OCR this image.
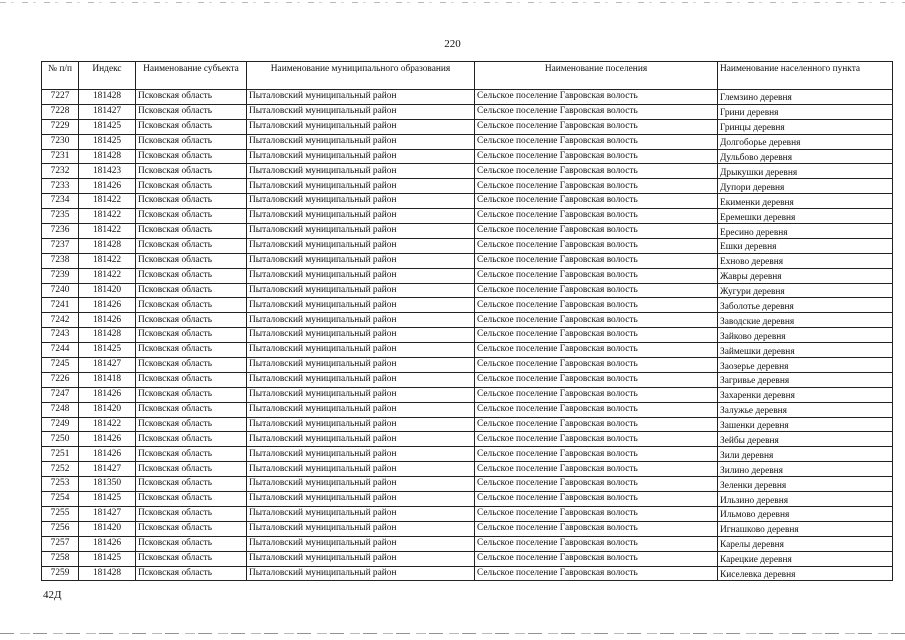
220
№ п/п	Индекс	Наименование субъекта	Наименование муниципального образования	Наименование поселения	Наименование населенного пункта
7227	181428	Псковская область	Пыталовский муниципальный район	Сельское поселение Гавровская волость	Глемзино деревня
7228	181427	Псковская область	Пыталовский муниципальный район	Сельское поселение Гавровская волость	Грини деревня
7229	181425	Псковская область	Пыталовский муниципальный район	Сельское поселение Гавровская волость	Гринцы деревня
7230	181425	Псковская область	Пыталовский муниципальный район	Сельское поселение Гавровская волость	Долгоборье деревня
7231	181428	Псковская область	Пыталовский муниципальный район	Сельское поселение Гавровская волость	Дульбово деревня
7232	181423	Псковская область	Пыталовский муниципальный район	Сельское поселение Гавровская волость	Дрыкушки деревня
7233	181426	Псковская область	Пыталовский муниципальный район	Сельское поселение Гавровская волость	Дупори деревня
7234	181422	Псковская область	Пыталовский муниципальный район	Сельское поселение Гавровская волость	Екименки деревня
7235	181422	Псковская область	Пыталовский муниципальный район	Сельское поселение Гавровская волость	Еремешки деревня
7236	181422	Псковская область	Пыталовский муниципальный район	Сельское поселение Гавровская волость	Ересино деревня
7237	181428	Псковская область	Пыталовский муниципальный район	Сельское поселение Гавровская волость	Ешки деревня
7238	181422	Псковская область	Пыталовский муниципальный район	Сельское поселение Гавровская волость	Ехново деревня
7239	181422	Псковская область	Пыталовский муниципальный район	Сельское поселение Гавровская волость	Жавры деревня
7240	181420	Псковская область	Пыталовский муниципальный район	Сельское поселение Гавровская волость	Жугури деревня
7241	181426	Псковская область	Пыталовский муниципальный район	Сельское поселение Гавровская волость	Заболотье деревня
7242	181426	Псковская область	Пыталовский муниципальный район	Сельское поселение Гавровская волость	Заводские деревня
7243	181428	Псковская область	Пыталовский муниципальный район	Сельское поселение Гавровская волость	Зайково деревня
7244	181425	Псковская область	Пыталовский муниципальный район	Сельское поселение Гавровская волость	Займешки деревня
7245	181427	Псковская область	Пыталовский муниципальный район	Сельское поселение Гавровская волость	Заозерье деревня
7226	181418	Псковская область	Пыталовский муниципальный район	Сельское поселение Гавровская волость	Загривье деревня
7247	181426	Псковская область	Пыталовский муниципальный район	Сельское поселение Гавровская волость	Захаренки деревня
7248	181420	Псковская область	Пыталовский муниципальный район	Сельское поселение Гавровская волость	Залужье деревня
7249	181422	Псковская область	Пыталовский муниципальный район	Сельское поселение Гавровская волость	Зашенки деревня
7250	181426	Псковская область	Пыталовский муниципальный район	Сельское поселение Гавровская волость	Зейбы деревня
7251	181426	Псковская область	Пыталовский муниципальный район	Сельское поселение Гавровская волость	Зили деревня
7252	181427	Псковская область	Пыталовский муниципальный район	Сельское поселение Гавровская волость	Зилино деревня
7253	181350	Псковская область	Пыталовский муниципальный район	Сельское поселение Гавровская волость	Зеленки деревня
7254	181425	Псковская область	Пыталовский муниципальный район	Сельское поселение Гавровская волость	Ильзино деревня
7255	181427	Псковская область	Пыталовский муниципальный район	Сельское поселение Гавровская волость	Ильмово деревня
7256	181420	Псковская область	Пыталовский муниципальный район	Сельское поселение Гавровская волость	Игнашково деревня
7257	181426	Псковская область	Пыталовский муниципальный район	Сельское поселение Гавровская волость	Карелы деревня
7258	181425	Псковская область	Пыталовский муниципальный район	Сельское поселение Гавровская волость	Карецкие деревня
7259	181428	Псковская область	Пыталовский муниципальный район	Сельское поселение Гавровская волость	Киселевка деревня
42Д
